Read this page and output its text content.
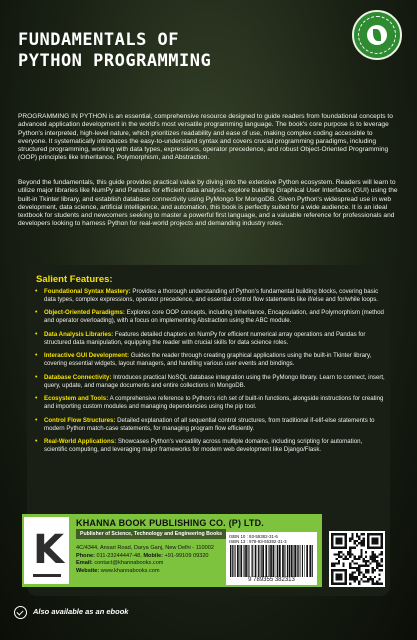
FUNDAMENTALS OF
PYTHON PROGRAMMING

PROGRAMMING IN PYTHON is an essential, comprehensive resource designed to guide readers from foundational concepts to advanced application development in the world's most versatile programming language. The book's core purpose is to leverage Python's interpreted, high-level nature, which prioritizes readability and ease of use, making complex coding accessible to everyone. It systematically introduces the easy-to-understand syntax and covers crucial programming paradigms, including structured programming, working with data types, expressions, operator precedence, and robust Object-Oriented Programming (OOP) principles like Inheritance, Polymorphism, and Abstraction.

Beyond the fundamentals, this guide provides practical value by diving into the extensive Python ecosystem. Readers will learn to utilize major libraries like NumPy and Pandas for efficient data analysis, explore building Graphical User Interfaces (GUI) using the built-in Tkinter library, and establish database connectivity using PyMongo for MongoDB. Given Python's widespread use in web development, data science, artificial intelligence, and automation, this book is perfectly suited for a wide audience. It is an ideal textbook for students and newcomers seeking to master a powerful first language, and a valuable reference for professionals and developers looking to harness Python for real-world projects and demanding industry roles.

Salient Features:
• Foundational Syntax Mastery: Provides a thorough understanding of Python's fundamental building blocks, covering basic data types, complex expressions, operator precedence, and essential control flow statements like if/else and for/while loops.
• Object-Oriented Paradigms: Explores core OOP concepts, including Inheritance, Encapsulation, and Polymorphism (method and operator overloading), with a focus on implementing Abstraction using the ABC module.
• Data Analysis Libraries: Features detailed chapters on NumPy for efficient numerical array operations and Pandas for structured data manipulation, equipping the reader with crucial skills for data science roles.
• Interactive GUI Development: Guides the reader through creating graphical applications using the built-in Tkinter library, covering essential widgets, layout managers, and handling various user events and bindings.
• Database Connectivity: Introduces practical NoSQL database integration using the PyMongo library. Learn to connect, insert, query, update, and manage documents and entire collections in MongoDB.
• Ecosystem and Tools: A comprehensive reference to Python's rich set of built-in functions, alongside instructions for creating and importing custom modules and managing dependencies using the pip tool.
• Control Flow Structures: Detailed explanation of all sequential control structures, from traditional if-elif-else statements to modern Python match-case statements, for managing program flow efficiently.
• Real-World Applications: Showcases Python's versatility across multiple domains, including scripting for automation, scientific computing, and leveraging major frameworks for modern web development like Django/Flask.
K
KHANNA BOOK PUBLISHING CO. (P) LTD.
Publisher of Science, Technology and Engineering Books
4C/4344, Ansari Road, Darya Ganj, New Delhi - 110002
Phone: 011-23244447-48, Mobile: +91-99109 09320
Email: contact@khannabooks.com
Website: www.khannabooks.com
ISBN 10 : 93-55382-31-6
ISBN 13 : 978-93-55382-31-3
9 789355 382313
Also available as an ebook
